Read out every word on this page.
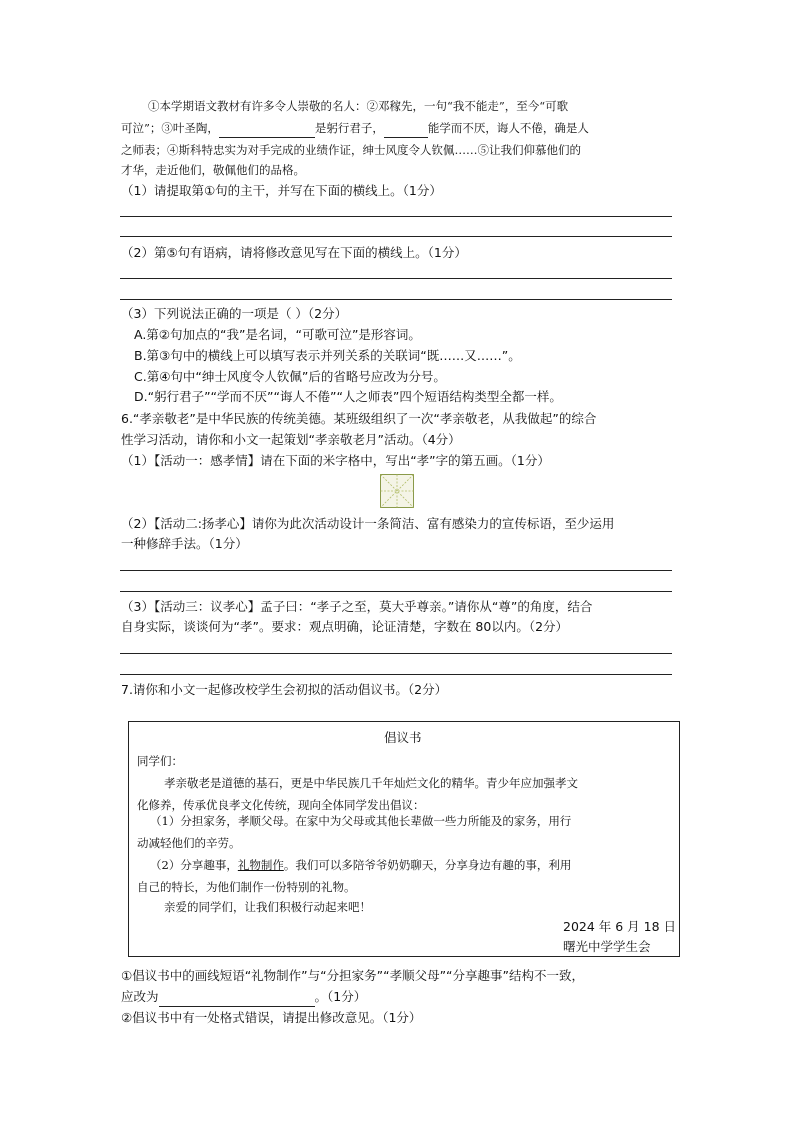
①本学期语文教材有许多令人崇敬的名人：②邓稼先，一句“我不能走”，至今“可歌
可泣”；③叶圣陶，	是躬行君子，	能学而不厌，诲人不倦，确是人
之师表；④斯科特忠实为对手完成的业绩作证，绅士风度令人钦佩……⑤让我们仰慕他们的
才华，走近他们，敬佩他们的品格。
（1）请提取第①句的主干，并写在下面的横线上。（1分）
（2）第⑤句有语病，请将修改意见写在下面的横线上。（1分）
（3）下列说法正确的一项是（ ）（2分）
A.第②句加点的“我”是名词，“可歌可泣”是形容词。
B.第③句中的横线上可以填写表示并列关系的关联词“既……又……”。
C.第④句中“绅士风度令人钦佩”后的省略号应改为分号。
D.“躬行君子”“学而不厌”“诲人不倦”“人之师表”四个短语结构类型全都一样。
6.“孝亲敬老”是中华民族的传统美德。某班级组织了一次“孝亲敬老，从我做起”的综合
性学习活动，请你和小文一起策划“孝亲敬老月”活动。（4分）
（1）【活动一：感孝情】请在下面的米字格中，写出“孝”字的第五画。（1分）
（2）【活动二:扬孝心】请你为此次活动设计一条简洁、富有感染力的宣传标语，至少运用
一种修辞手法。（1分）
（3）【活动三：议孝心】孟子曰：“孝子之至，莫大乎尊亲。”请你从“尊”的角度，结合
自身实际，谈谈何为“孝”。要求：观点明确，论证清楚，字数在 80以内。（2分）
7.请你和小文一起修改校学生会初拟的活动倡议书。（2分）
倡议书
同学们：
孝亲敬老是道德的基石，更是中华民族几千年灿烂文化的精华。青少年应加强孝文
化修养，传承优良孝文化传统，现向全体同学发出倡议：
（1）分担家务，孝顺父母。在家中为父母或其他长辈做一些力所能及的家务，用行
动减轻他们的辛劳。
（2）分享趣事，礼物制作。我们可以多陪爷爷奶奶聊天，分享身边有趣的事，利用
自己的特长，为他们制作一份特别的礼物。
亲爱的同学们，让我们积极行动起来吧！
2024 年 6 月 18 日
曙光中学学生会
①倡议书中的画线短语“礼物制作”与“分担家务”“孝顺父母”“分享趣事”结构不一致，
应改为	。（1分）
②倡议书中有一处格式错误，请提出修改意见。（1分）
